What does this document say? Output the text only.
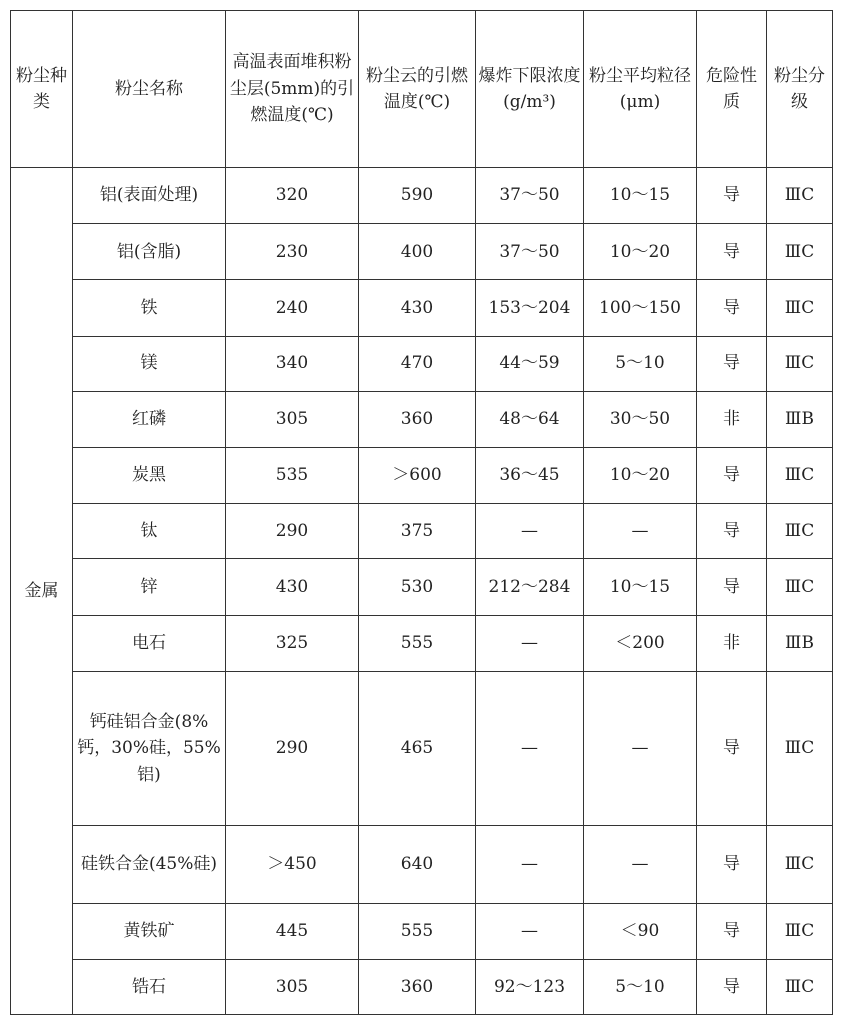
粉尘种类	粉尘名称	高温表面堆积粉尘层(5mm)的引燃温度(℃)	粉尘云的引燃温度(℃)	爆炸下限浓度(g/m³)	粉尘平均粒径(μm)	危险性质	粉尘分级
金属	铝(表面处理)	320	590	37～50	10～15	导	ⅢC
	铝(含脂)	230	400	37～50	10～20	导	ⅢC
	铁	240	430	153～204	100～150	导	ⅢC
	镁	340	470	44～59	5～10	导	ⅢC
	红磷	305	360	48～64	30～50	非	ⅢB
	炭黑	535	＞600	36～45	10～20	导	ⅢC
	钛	290	375	—	—	导	ⅢC
	锌	430	530	212～284	10～15	导	ⅢC
	电石	325	555	—	＜200	非	ⅢB
	钙硅铝合金(8%钙，30%硅，55%铝)	290	465	—	—	导	ⅢC
	硅铁合金(45%硅)	＞450	640	—	—	导	ⅢC
	黄铁矿	445	555	—	＜90	导	ⅢC
	锆石	305	360	92～123	5～10	导	ⅢC
